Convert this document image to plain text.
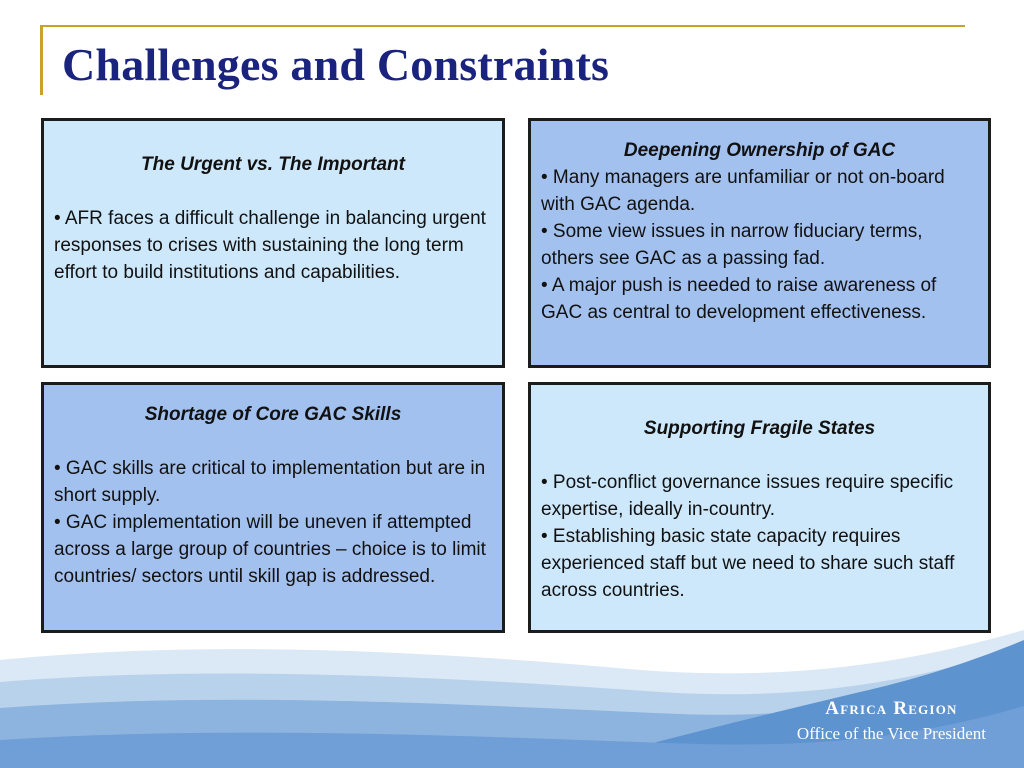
Challenges and Constraints

The Urgent vs. The Important

• AFR faces a difficult challenge in balancing urgent responses to crises with sustaining the long term effort to build institutions and capabilities.

Deepening Ownership of GAC

• Many managers are unfamiliar or not on-board with GAC agenda.

• Some view issues in narrow fiduciary terms, others see GAC as a passing fad.

• A major push is needed to raise awareness of GAC as central to development effectiveness.

Shortage of Core GAC Skills

• GAC skills are critical to implementation but are in short supply.

• GAC implementation will be uneven if attempted across a large group of countries – choice is to limit countries/ sectors until skill gap is addressed.

Supporting Fragile States

• Post-conflict governance issues require specific expertise, ideally in-country.

• Establishing basic state capacity requires experienced staff but we need to share such staff across countries.

Africa Region
Office of the Vice President
